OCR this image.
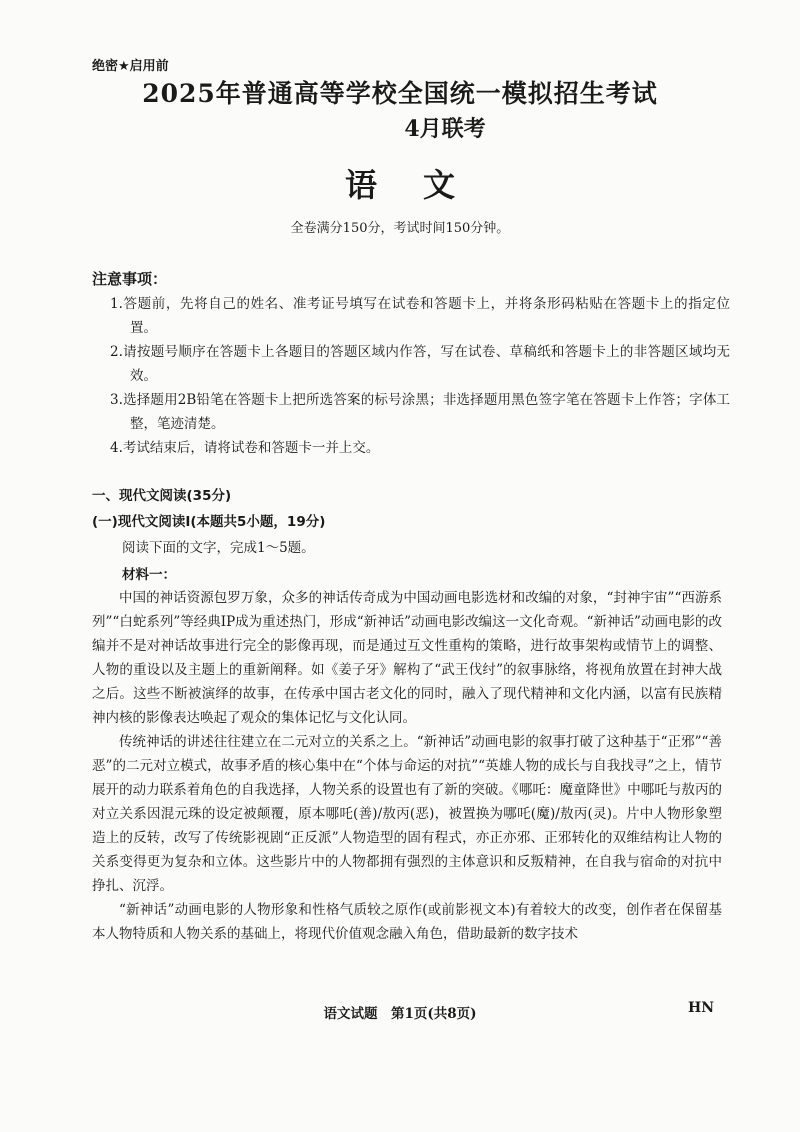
绝密★启用前
2025年普通高等学校全国统一模拟招生考试
4月联考
语文
全卷满分150分，考试时间150分钟。
注意事项：
1.答题前，先将自己的姓名、准考证号填写在试卷和答题卡上，并将条形码粘贴在答题卡上的指定位置。
2.请按题号顺序在答题卡上各题目的答题区域内作答，写在试卷、草稿纸和答题卡上的非答题区域均无效。
3.选择题用2B铅笔在答题卡上把所选答案的标号涂黑；非选择题用黑色签字笔在答题卡上作答；字体工整，笔迹清楚。
4.考试结束后，请将试卷和答题卡一并上交。
一、现代文阅读(35分)
(一)现代文阅读Ⅰ(本题共5小题，19分)
阅读下面的文字，完成1～5题。
材料一：

中国的神话资源包罗万象，众多的神话传奇成为中国动画电影选材和改编的对象，“封神宇宙”“西游系列”“白蛇系列”等经典IP成为重述热门，形成“新神话”动画电影改编这一文化奇观。“新神话”动画电影的改编并不是对神话故事进行完全的影像再现，而是通过互文性重构的策略，进行故事架构或情节上的调整、人物的重设以及主题上的重新阐释。如《姜子牙》解构了“武王伐纣”的叙事脉络，将视角放置在封神大战之后。这些不断被演绎的故事，在传承中国古老文化的同时，融入了现代精神和文化内涵，以富有民族精神内核的影像表达唤起了观众的集体记忆与文化认同。

传统神话的讲述往往建立在二元对立的关系之上。“新神话”动画电影的叙事打破了这种基于“正邪”“善恶”的二元对立模式，故事矛盾的核心集中在“个体与命运的对抗”“英雄人物的成长与自我找寻”之上，情节展开的动力联系着角色的自我选择，人物关系的设置也有了新的突破。《哪吒：魔童降世》中哪吒与敖丙的对立关系因混元珠的设定被颠覆，原本哪吒(善)/敖丙(恶)，被置换为哪吒(魔)/敖丙(灵)。片中人物形象塑造上的反转，改写了传统影视剧“正反派”人物造型的固有程式，亦正亦邪、正邪转化的双维结构让人物的关系变得更为复杂和立体。这些影片中的人物都拥有强烈的主体意识和反叛精神，在自我与宿命的对抗中挣扎、沉浮。

“新神话”动画电影的人物形象和性格气质较之原作(或前影视文本)有着较大的改变，创作者在保留基本人物特质和人物关系的基础上，将现代价值观念融入角色，借助最新的数字技术

语文试题　第1页(共8页)	HN
